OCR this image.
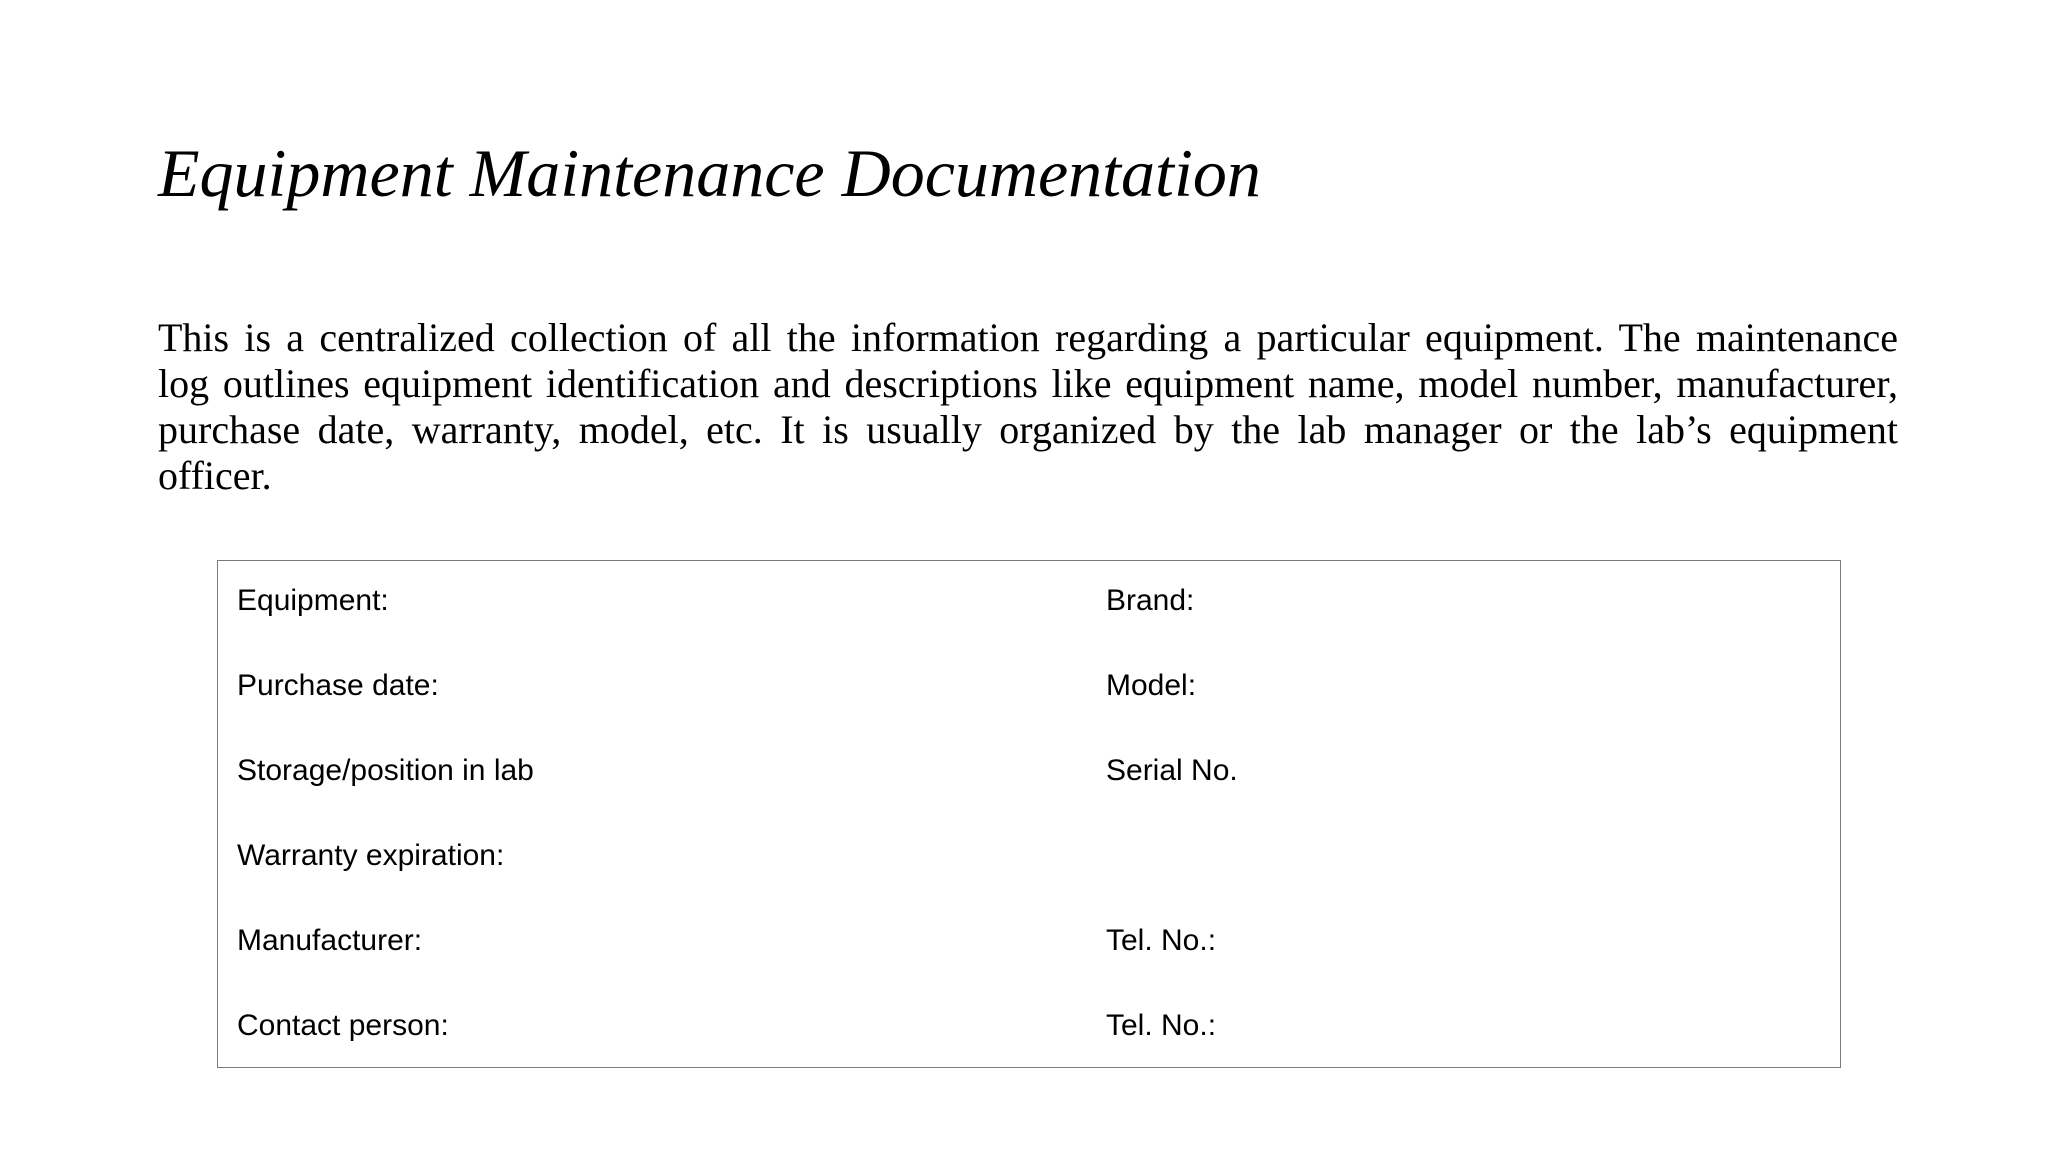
Equipment Maintenance Documentation

This is a centralized collection of all the information regarding a particular equipment. The maintenance log outlines equipment identification and descriptions like equipment name, model number, manufacturer, purchase date, warranty, model, etc. It is usually organized by the lab manager or the lab’s equipment officer.

Equipment:	Brand:
Purchase date:	Model:
Storage/position in lab	Serial No.
Warranty expiration:
Manufacturer:	Tel. No.:
Contact person:	Tel. No.:
